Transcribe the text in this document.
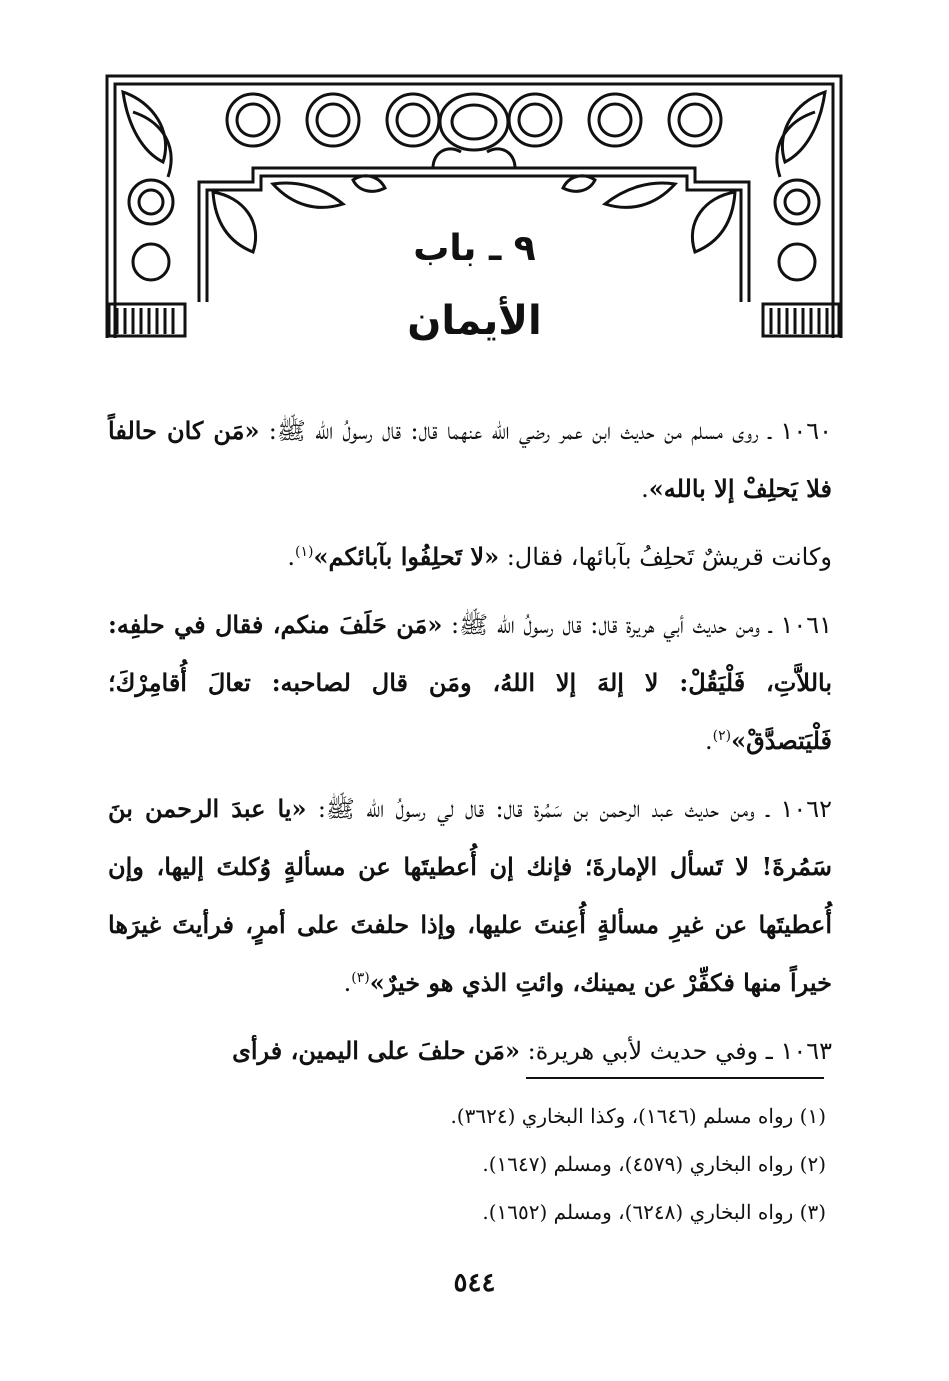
٩ ـ باب
الأيمان

١٠٦٠ ـ روى مسلم من حديث ابن عمر رضي الله عنهما قال: قال رسولُ الله ﷺ: «مَن كان حالفاً فلا يَحلِفْ إلا بالله».

وكانت قريشٌ تَحلِفُ بآبائها، فقال: «لا تَحلِفُوا بآبائكم»$^{(١)}$.

١٠٦١ ـ ومن حديث أبي هريرة قال: قال رسولُ الله ﷺ: «مَن حَلَفَ منكم، فقال في حلفِه: باللاَّتِ، فَلْيَقُلْ: لا إلهَ إلا اللهُ، ومَن قال لصاحبه: تعالَ أُقامِرْكَ؛ فَلْيَتصدَّقْ»$^{(٢)}$.

١٠٦٢ ـ ومن حديث عبد الرحمن بن سَمُرة قال: قال لي رسولُ الله ﷺ: «يا عبدَ الرحمن بنَ سَمُرةَ! لا تَسأل الإمارةَ؛ فإنك إن أُعطيتَها عن مسألةٍ وُكلتَ إليها، وإن أُعطيتَها عن غيرِ مسألةٍ أُعِنتَ عليها، وإذا حلفتَ على أمرٍ، فرأيتَ غيرَها خيراً منها فكفِّرْ عن يمينك، وائتِ الذي هو خيرٌ»$^{(٣)}$.

١٠٦٣ ـ وفي حديث لأبي هريرة: «مَن حلفَ على اليمين، فرأى

(١) رواه مسلم (١٦٤٦)، وكذا البخاري (٣٦٢٤).
(٢) رواه البخاري (٤٥٧٩)، ومسلم (١٦٤٧).
(٣) رواه البخاري (٦٢٤٨)، ومسلم (١٦٥٢).
٥٤٤
